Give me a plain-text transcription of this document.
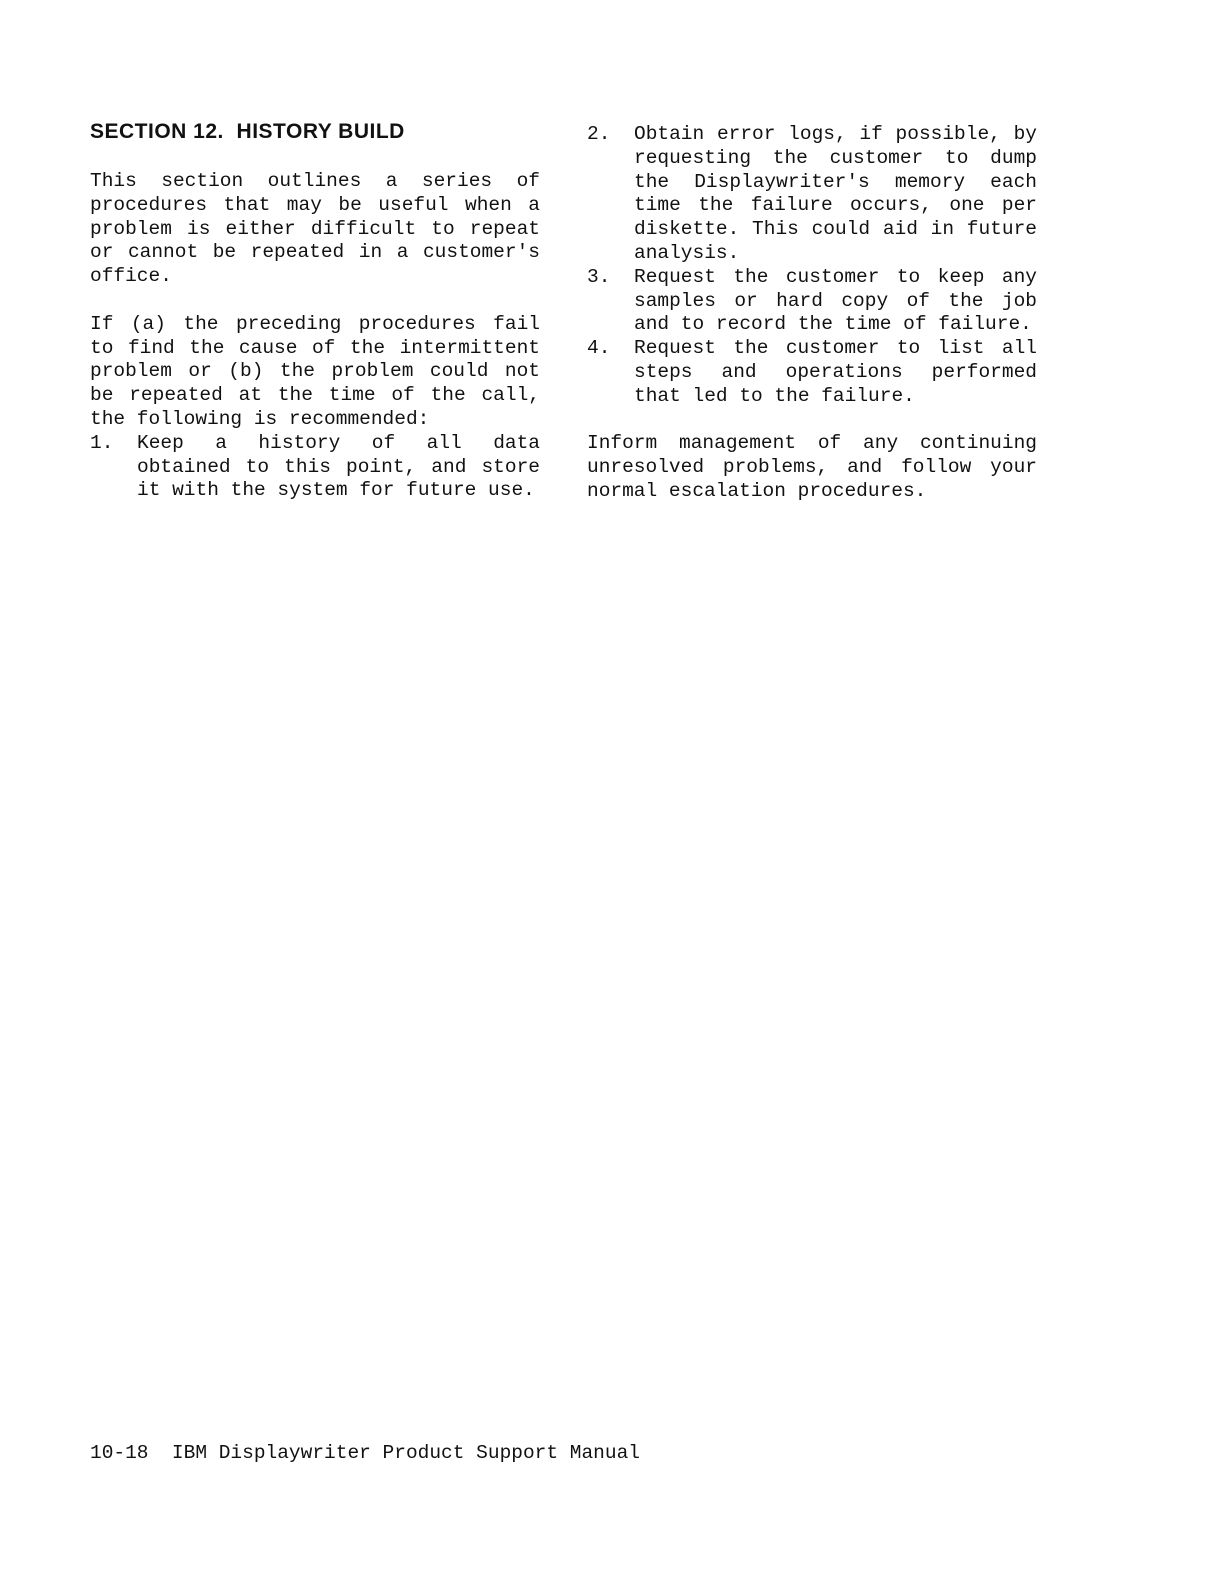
SECTION 12.  HISTORY BUILD

This section outlines a series of procedures that may be useful when a problem is either difficult to repeat or cannot be repeated in a customer's office.

If (a) the preceding procedures fail to find the cause of the intermittent problem or (b) the problem could not be repeated at the time of the call, the following is recommended:

1.	Keep a history of all data obtained to this point, and store it with the system for future use.
2.	Obtain error logs, if possible, by requesting the customer to dump the Displaywriter's memory each time the failure occurs, one per diskette. This could aid in future analysis.
3.	Request the customer to keep any samples or hard copy of the job and to record the time of failure.
4.	Request the customer to list all steps and operations performed that led to the failure.

Inform management of any continuing unresolved problems, and follow your normal escalation procedures.

10-18  IBM Displaywriter Product Support Manual
